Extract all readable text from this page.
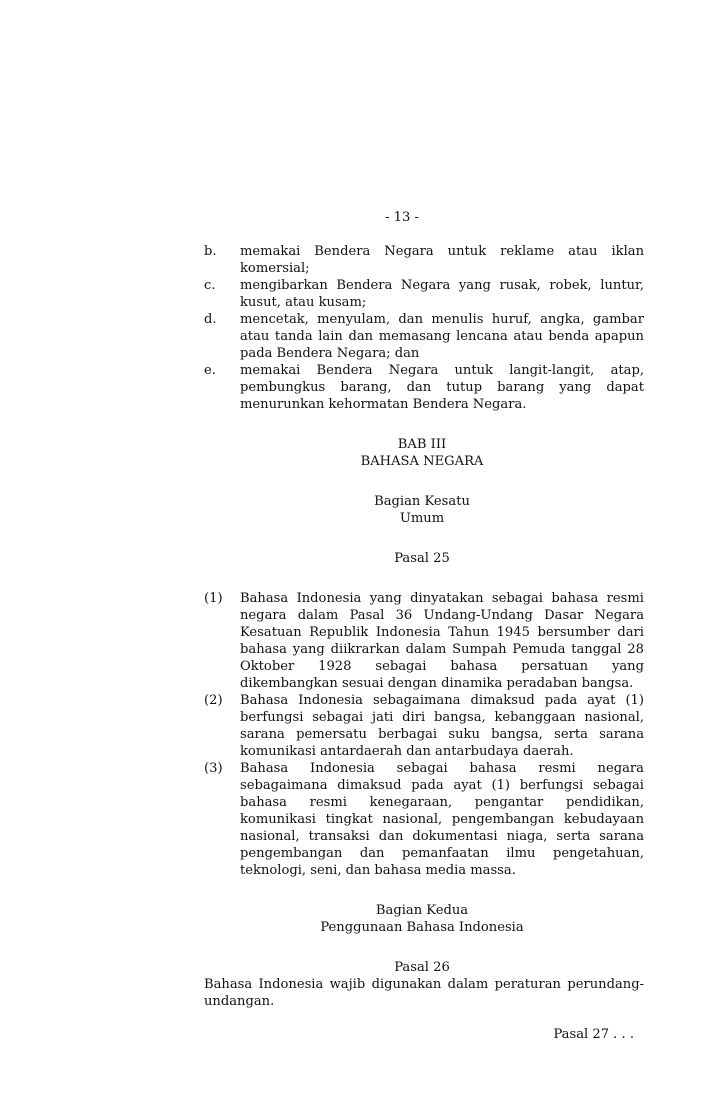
- 13 -
b. memakai Bendera Negara untuk reklame atau iklan komersial;
c. mengibarkan Bendera Negara yang rusak, robek, luntur, kusut, atau kusam;
d. mencetak, menyulam, dan menulis huruf, angka, gambar atau tanda lain dan memasang lencana atau benda apapun pada Bendera Negara; dan
e. memakai Bendera Negara untuk langit-langit, atap, pembungkus barang, dan tutup barang yang dapat menurunkan kehormatan Bendera Negara.
BAB III
BAHASA NEGARA
Bagian Kesatu
Umum
Pasal 25
(1) Bahasa Indonesia yang dinyatakan sebagai bahasa resmi negara dalam Pasal 36 Undang-Undang Dasar Negara Kesatuan Republik Indonesia Tahun 1945 bersumber dari bahasa yang diikrarkan dalam Sumpah Pemuda tanggal 28 Oktober 1928 sebagai bahasa persatuan yang dikembangkan sesuai dengan dinamika peradaban bangsa.
(2) Bahasa Indonesia sebagaimana dimaksud pada ayat (1) berfungsi sebagai jati diri bangsa, kebanggaan nasional, sarana pemersatu berbagai suku bangsa, serta sarana komunikasi antardaerah dan antarbudaya daerah.
(3) Bahasa Indonesia sebagai bahasa resmi negara sebagaimana dimaksud pada ayat (1) berfungsi sebagai bahasa resmi kenegaraan, pengantar pendidikan, komunikasi tingkat nasional, pengembangan kebudayaan nasional, transaksi dan dokumentasi niaga, serta sarana pengembangan dan pemanfaatan ilmu pengetahuan, teknologi, seni, dan bahasa media massa.
Bagian Kedua
Penggunaan Bahasa Indonesia
Pasal 26
Bahasa Indonesia wajib digunakan dalam peraturan perundang-undangan.
Pasal 27 . . .
